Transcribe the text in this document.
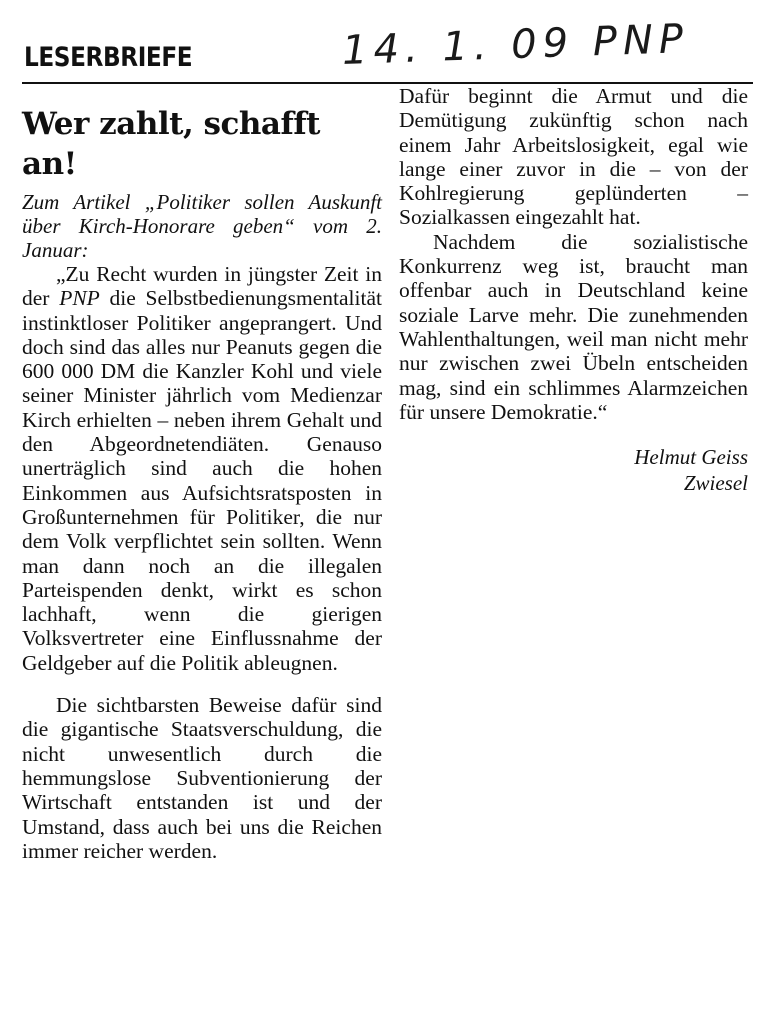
LESERBRIEFE	14. 1. 09 PNP
Wer zahlt, schafft an!

Zum Artikel „Politiker sollen Auskunft über Kirch-Honorare geben“ vom 2. Januar:

„Zu Recht wurden in jüngster Zeit in der PNP die Selbstbedienungsmentalität instinktloser Politiker angeprangert. Und doch sind das alles nur Peanuts gegen die 600 000 DM die Kanzler Kohl und viele seiner Minister jährlich vom Medienzar Kirch erhielten – neben ihrem Gehalt und den Abgeordnetendiäten. Genauso unerträglich sind auch die hohen Einkommen aus Aufsichtsratsposten in Großunternehmen für Politiker, die nur dem Volk verpflichtet sein sollten. Wenn man dann noch an die illegalen Parteispenden denkt, wirkt es schon lachhaft, wenn die gierigen Volksvertreter eine Einflussnahme der Geldgeber auf die Politik ableugnen.

Die sichtbarsten Beweise dafür sind die gigantische Staatsverschuldung, die nicht unwesentlich durch die hemmungslose Subventionierung der Wirtschaft entstanden ist und der Umstand, dass auch bei uns die Reichen immer reicher werden.

Dafür beginnt die Armut und die Demütigung zukünftig schon nach einem Jahr Arbeitslosigkeit, egal wie lange einer zuvor in die – von der Kohlregierung geplünderten – Sozialkassen eingezahlt hat.

Nachdem die sozialistische Konkurrenz weg ist, braucht man offenbar auch in Deutschland keine soziale Larve mehr. Die zunehmenden Wahlenthaltungen, weil man nicht mehr nur zwischen zwei Übeln entscheiden mag, sind ein schlimmes Alarmzeichen für unsere Demokratie.“

Helmut Geiss
Zwiesel
